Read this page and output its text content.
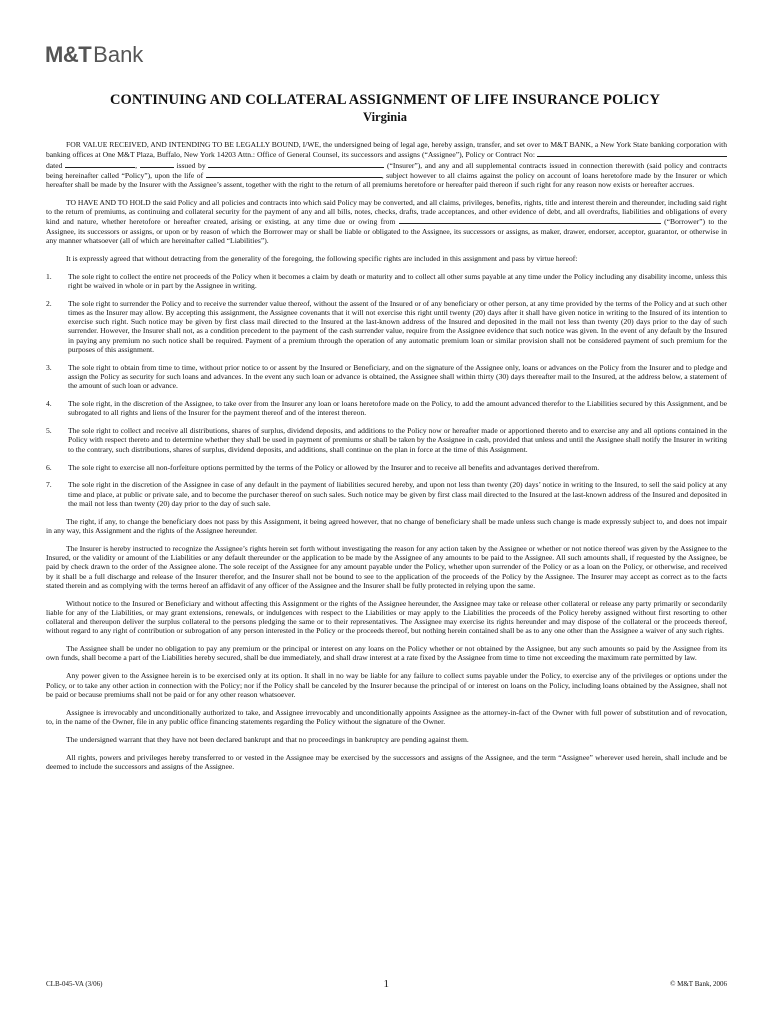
M&T Bank
CONTINUING AND COLLATERAL ASSIGNMENT OF LIFE INSURANCE POLICY
Virginia

FOR VALUE RECEIVED, AND INTENDING TO BE LEGALLY BOUND, I/WE, the undersigned being of legal age, hereby assign, transfer, and set over to M&T BANK, a New York State banking corporation with banking offices at One M&T Plaza, Buffalo, New York 14203 Attn.: Office of General Counsel, its successors and assigns (“Assignee”), Policy or Contract No:  dated	,	issued by	(“Insurer”), and any and all supplemental contracts issued in connection therewith (said policy and contracts being hereinafter called “Policy”), upon the life of	, subject however to all claims against the policy on account of loans heretofore made by the Insurer or which hereafter shall be made by the Insurer with the Assignee’s assent, together with the right to the return of all premiums heretofore or hereafter paid thereon if such right for any reason now exists or hereafter accrues.

TO HAVE AND TO HOLD the said Policy and all policies and contracts into which said Policy may be converted, and all claims, privileges, benefits, rights, title and interest therein and thereunder, including said right to the return of premiums, as continuing and collateral security for the payment of any and all bills, notes, checks, drafts, trade acceptances, and other evidence of debt, and all overdrafts, liabilities and obligations of every kind and nature, whether heretofore or hereafter created, arising or existing, at any time due or owing from	(“Borrower”) to the Assignee, its successors or assigns, or upon or by reason of which the Borrower may or shall be liable or obligated to the Assignee, its successors or assigns, as maker, drawer, endorser, acceptor, guarantor, or otherwise in any manner whatsoever (all of which are hereinafter called “Liabilities”).

It is expressly agreed that without detracting from the generality of the foregoing, the following specific rights are included in this assignment and pass by virtue hereof:

1.	The sole right to collect the entire net proceeds of the Policy when it becomes a claim by death or maturity and to collect all other sums payable at any time under the Policy including any disability income, unless this right be waived in whole or in part by the Assignee in writing.
2.	The sole right to surrender the Policy and to receive the surrender value thereof, without the assent of the Insured or of any beneficiary or other person, at any time provided by the terms of the Policy and at such other times as the Insurer may allow. By accepting this assignment, the Assignee covenants that it will not exercise this right until twenty (20) days after it shall have given notice in writing to the Insured of its intention to exercise such right. Such notice may be given by first class mail directed to the Insured at the last-known address of the Insured and deposited in the mail not less than twenty (20) days prior to the day of such surrender. However, the Insurer shall not, as a condition precedent to the payment of the cash surrender value, require from the Assignee evidence that such notice was given. In the event of any default by the Insured in paying any premium no such notice shall be required. Payment of a premium through the operation of any automatic premium loan or similar provision shall not be considered payment of such premium for the purposes of this assignment.
3.	The sole right to obtain from time to time, without prior notice to or assent by the Insured or Beneficiary, and on the signature of the Assignee only, loans or advances on the Policy from the Insurer and to pledge and assign the Policy as security for such loans and advances. In the event any such loan or advance is obtained, the Assignee shall within thirty (30) days thereafter mail to the Insured, at the address below, a statement of the amount of such loan or advance.
4.	The sole right, in the discretion of the Assignee, to take over from the Insurer any loan or loans heretofore made on the Policy, to add the amount advanced therefor to the Liabilities secured by this Assignment, and be subrogated to all rights and liens of the Insurer for the payment thereof and of the interest thereon.
5.	The sole right to collect and receive all distributions, shares of surplus, dividend deposits, and additions to the Policy now or hereafter made or apportioned thereto and to exercise any and all options contained in the Policy with respect thereto and to determine whether they shall be used in payment of premiums or shall be taken by the Assignee in cash, provided that unless and until the Assignee shall notify the Insurer in writing to the contrary, such distributions, shares of surplus, dividend deposits, and additions, shall continue on the plan in force at the time of this Assignment.
6.	The sole right to exercise all non-forfeiture options permitted by the terms of the Policy or allowed by the Insurer and to receive all benefits and advantages derived therefrom.
7.	The sole right in the discretion of the Assignee in case of any default in the payment of liabilities secured hereby, and upon not less than twenty (20) days’ notice in writing to the Insured, to sell the said policy at any time and place, at public or private sale, and to become the purchaser thereof on such sales. Such notice may be given by first class mail directed to the Insured at the last-known address of the Insured and deposited in the mail not less than twenty (20) day prior to the day of such sale.

The right, if any, to change the beneficiary does not pass by this Assignment, it being agreed however, that no change of beneficiary shall be made unless such change is made expressly subject to, and does not impair in any way, this Assignment and the rights of the Assignee hereunder.

The Insurer is hereby instructed to recognize the Assignee’s rights herein set forth without investigating the reason for any action taken by the Assignee or whether or not notice thereof was given by the Assignee to the Insured, or the validity or amount of the Liabilities or any default thereunder or the application to be made by the Assignee of any amounts to be paid to the Assignee. All such amounts shall, if requested by the Assignee, be paid by check drawn to the order of the Assignee alone. The sole receipt of the Assignee for any amount payable under the Policy, whether upon surrender of the Policy or as a loan on the Policy, or otherwise, and received by it shall be a full discharge and release of the Insurer therefor, and the Insurer shall not be bound to see to the application of the proceeds of the Policy by the Assignee. The Insurer may accept as correct as to the facts stated therein and as complying with the terms hereof an affidavit of any officer of the Assignee and the Insurer shall be fully protected in relying upon the same.

Without notice to the Insured or Beneficiary and without affecting this Assignment or the rights of the Assignee hereunder, the Assignee may take or release other collateral or release any party primarily or secondarily liable for any of the Liabilities, or may grant extensions, renewals, or indulgences with respect to the Liabilities or may apply to the Liabilities the proceeds of the Policy hereby assigned without first resorting to other collateral and thereupon deliver the surplus collateral to the persons pledging the same or to their representatives. The Assignee may exercise its rights hereunder and may dispose of the collateral or the proceeds thereof, without regard to any right of contribution or subrogation of any person interested in the Policy or the proceeds thereof, but nothing herein contained shall be as to any one other than the Assignee a waiver of any such rights.

The Assignee shall be under no obligation to pay any premium or the principal or interest on any loans on the Policy whether or not obtained by the Assignee, but any such amounts so paid by the Assignee from its own funds, shall become a part of the Liabilities hereby secured, shall be due immediately, and shall draw interest at a rate fixed by the Assignee from time to time not exceeding the maximum rate permitted by law.

Any power given to the Assignee herein is to be exercised only at its option. It shall in no way be liable for any failure to collect sums payable under the Policy, to exercise any of the privileges or options under the Policy, or to take any other action in connection with the Policy; nor if the Policy shall be canceled by the Insurer because the principal of or interest on loans on the Policy, including loans obtained by the Assignee, shall not be paid or because premiums shall not be paid or for any other reason whatsoever.

Assignee is irrevocably and unconditionally authorized to take, and Assignee irrevocably and unconditionally appoints Assignee as the attorney-in-fact of the Owner with full power of substitution and of revocation, to, in the name of the Owner, file in any public office financing statements regarding the Policy without the signature of the Owner.

The undersigned warrant that they have not been declared bankrupt and that no proceedings in bankruptcy are pending against them.

All rights, powers and privileges hereby transferred to or vested in the Assignee may be exercised by the successors and assigns of the Assignee, and the term “Assignee” wherever used herein, shall include and be deemed to include the successors and assigns of the Assignee.

CLB-045-VA (3/06)	1	© M&T Bank, 2006
